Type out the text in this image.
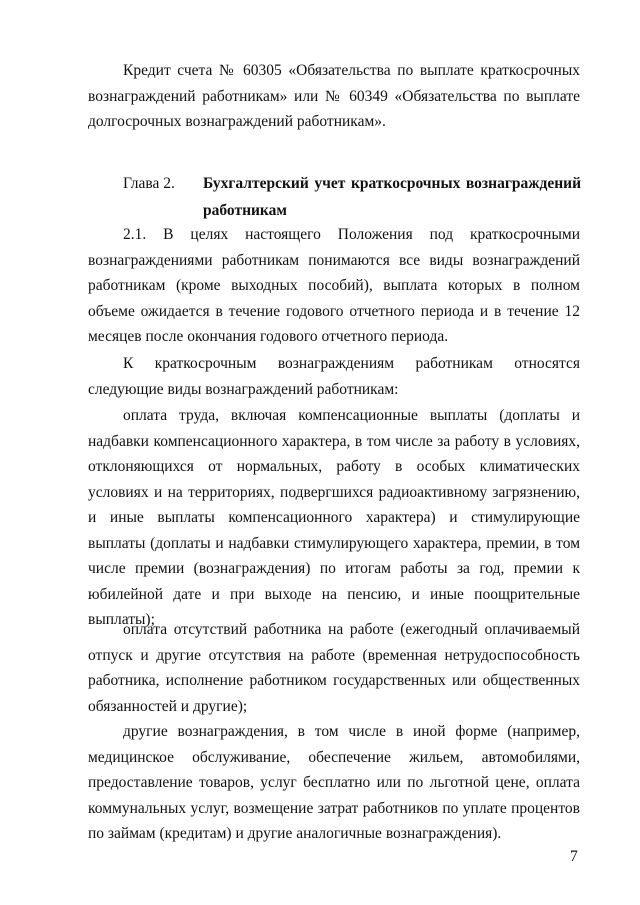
Кредит счета № 60305 «Обязательства по выплате краткосрочных вознаграждений работникам» или № 60349 «Обязательства по выплате долгосрочных вознаграждений работникам».
Глава 2.	Бухгалтерский учет краткосрочных вознаграждений
работникам
2.1. В целях настоящего Положения под краткосрочными вознаграждениями работникам понимаются все виды вознаграждений работникам (кроме выходных пособий), выплата которых в полном объеме ожидается в течение годового отчетного периода и в течение 12 месяцев после окончания годового отчетного периода.
К краткосрочным вознаграждениям работникам относятся следующие виды вознаграждений работникам:
оплата труда, включая компенсационные выплаты (доплаты и надбавки компенсационного характера, в том числе за работу в условиях, отклоняющихся от нормальных, работу в особых климатических условиях и на территориях, подвергшихся радиоактивному загрязнению, и иные выплаты компенсационного характера) и стимулирующие выплаты (доплаты и надбавки стимулирующего характера, премии, в том числе премии (вознаграждения) по итогам работы за год, премии к юбилейной дате и при выходе на пенсию, и иные поощрительные выплаты);
оплата отсутствий работника на работе (ежегодный оплачиваемый отпуск и другие отсутствия на работе (временная нетрудоспособность работника, исполнение работником государственных или общественных обязанностей и другие);
другие вознаграждения, в том числе в иной форме (например, медицинское обслуживание, обеспечение жильем, автомобилями, предоставление товаров, услуг бесплатно или по льготной цене, оплата коммунальных услуг, возмещение затрат работников по уплате процентов по займам (кредитам) и другие аналогичные вознаграждения).
7
